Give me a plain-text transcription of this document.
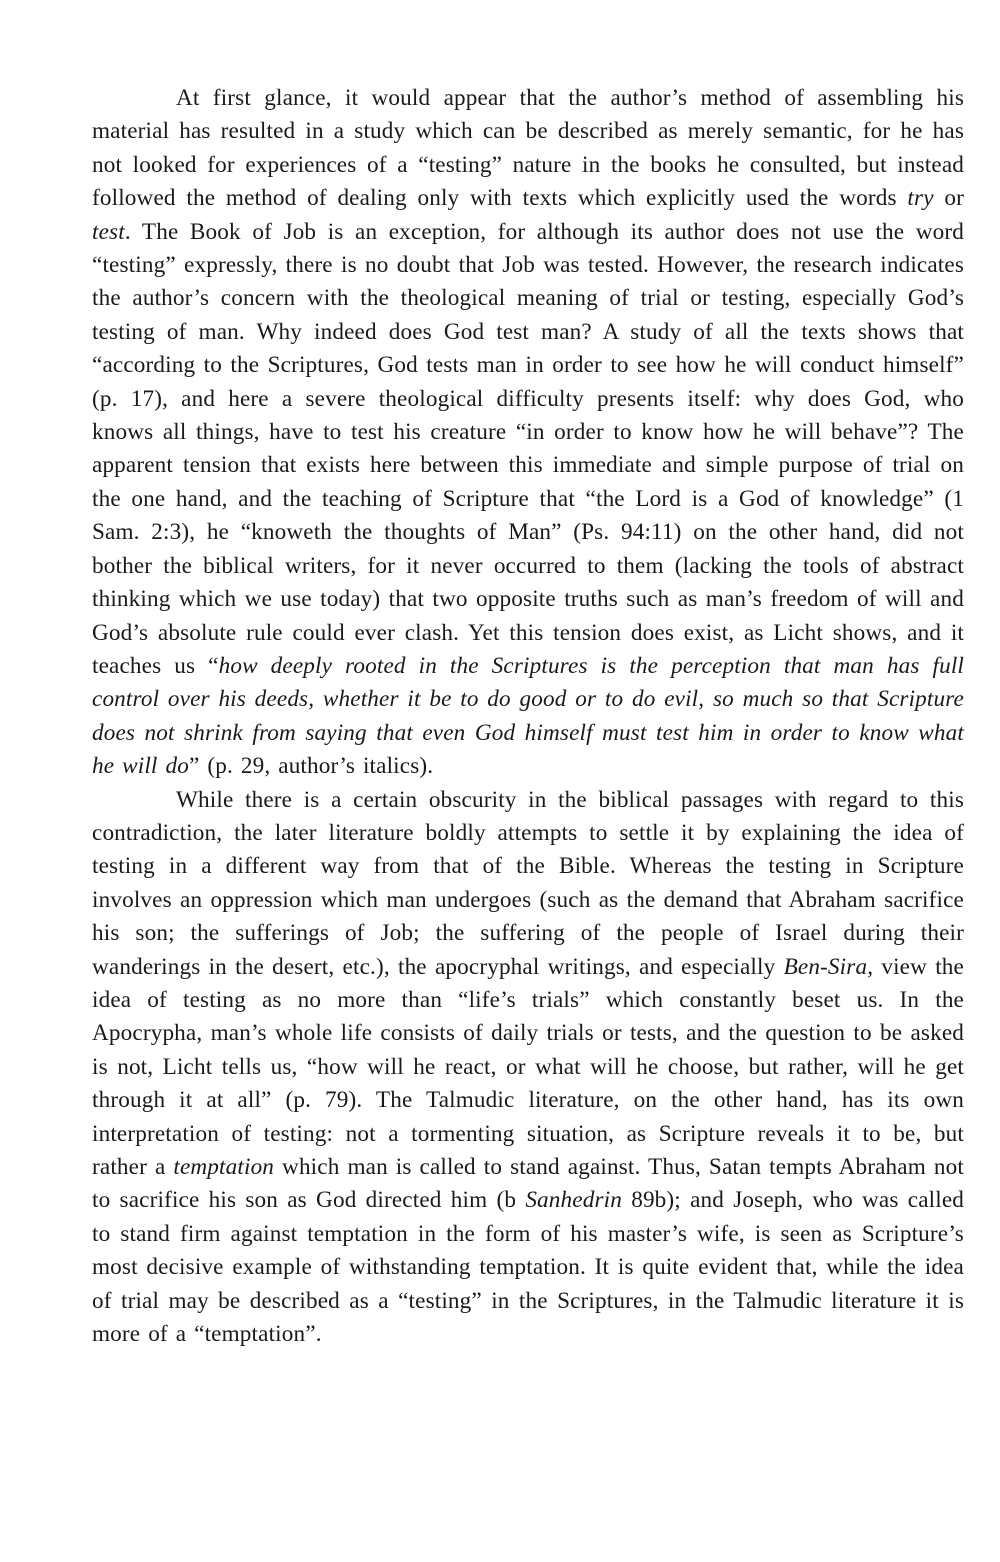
At first glance, it would appear that the author’s method of assembling his material has resulted in a study which can be described as merely semantic, for he has not looked for experiences of a “testing” nature in the books he consulted, but instead followed the method of dealing only with texts which explicitly used the words try or test. The Book of Job is an exception, for although its author does not use the word “testing” expressly, there is no doubt that Job was tested. However, the research indicates the author’s concern with the theological meaning of trial or testing, especially God’s testing of man. Why indeed does God test man? A study of all the texts shows that “according to the Scriptures, God tests man in order to see how he will conduct himself” (p. 17), and here a severe theological difficulty presents itself: why does God, who knows all things, have to test his creature “in order to know how he will behave”? The apparent tension that exists here between this immediate and simple purpose of trial on the one hand, and the teaching of Scripture that “the Lord is a God of knowledge” (1 Sam. 2:3), he “knoweth the thoughts of Man” (Ps. 94:11) on the other hand, did not bother the biblical writers, for it never occurred to them (lacking the tools of abstract thinking which we use today) that two opposite truths such as man’s freedom of will and God’s absolute rule could ever clash. Yet this tension does exist, as Licht shows, and it teaches us “how deeply rooted in the Scriptures is the perception that man has full control over his deeds, whether it be to do good or to do evil, so much so that Scripture does not shrink from saying that even God himself must test him in order to know what he will do” (p. 29, author’s italics).

While there is a certain obscurity in the biblical passages with regard to this contradiction, the later literature boldly attempts to settle it by explaining the idea of testing in a different way from that of the Bible. Whereas the testing in Scripture involves an oppression which man undergoes (such as the demand that Abraham sacrifice his son; the sufferings of Job; the suffering of the people of Israel during their wanderings in the desert, etc.), the apocryphal writings, and especially Ben-Sira, view the idea of testing as no more than “life’s trials” which constantly beset us. In the Apocrypha, man’s whole life consists of daily trials or tests, and the question to be asked is not, Licht tells us, “how will he react, or what will he choose, but rather, will he get through it at all” (p. 79). The Talmudic literature, on the other hand, has its own interpretation of testing: not a tormenting situation, as Scripture reveals it to be, but rather a temptation which man is called to stand against. Thus, Satan tempts Abraham not to sacrifice his son as God directed him (b Sanhedrin 89b); and Joseph, who was called to stand firm against temptation in the form of his master’s wife, is seen as Scripture’s most decisive example of withstanding temptation. It is quite evident that, while the idea of trial may be described as a “testing” in the Scriptures, in the Talmudic literature it is more of a “temptation”.
